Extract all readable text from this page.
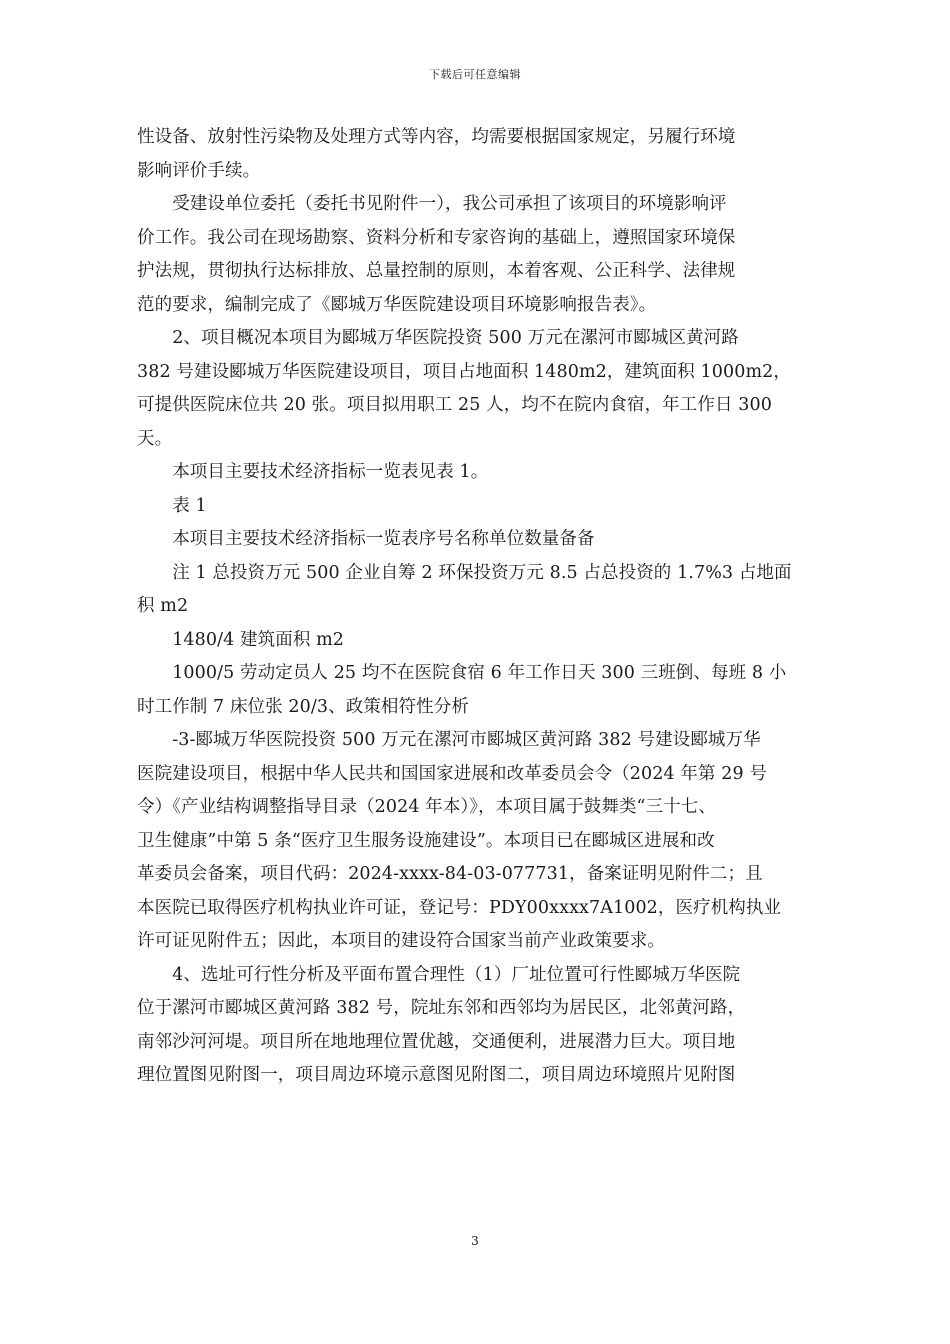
下载后可任意编辑
性设备、放射性污染物及处理方式等内容，均需要根据国家规定，另履行环境
影响评价手续。
　　受建设单位委托（委托书见附件一），我公司承担了该项目的环境影响评
价工作。我公司在现场勘察、资料分析和专家咨询的基础上，遵照国家环境保
护法规，贯彻执行达标排放、总量控制的原则，本着客观、公正科学、法律规
范的要求，编制完成了《郾城万华医院建设项目环境影响报告表》。
　　2、项目概况本项目为郾城万华医院投资 500 万元在漯河市郾城区黄河路
382 号建设郾城万华医院建设项目，项目占地面积 1480m2，建筑面积 1000m2，
可提供医院床位共 20 张。项目拟用职工 25 人，均不在院内食宿，年工作日 300
天。
　　本项目主要技术经济指标一览表见表 1。
　　表 1
　　本项目主要技术经济指标一览表序号名称单位数量备备
　　注 1 总投资万元 500 企业自筹 2 环保投资万元 8.5 占总投资的 1.7%3 占地面
积 m2
　　1480/4 建筑面积 m2
　　1000/5 劳动定员人 25 均不在医院食宿 6 年工作日天 300 三班倒、每班 8 小
时工作制 7 床位张 20/3、政策相符性分析
　　-3-郾城万华医院投资 500 万元在漯河市郾城区黄河路 382 号建设郾城万华
医院建设项目，根据中华人民共和国国家进展和改革委员会令（2024 年第 29 号
令）《产业结构调整指导目录（2024 年本）》，本项目属于鼓舞类“三十七、
卫生健康”中第 5 条“医疗卫生服务设施建设”。本项目已在郾城区进展和改
革委员会备案，项目代码：2024-xxxx-84-03-077731，备案证明见附件二；且
本医院已取得医疗机构执业许可证，登记号：PDY00xxxx7A1002，医疗机构执业
许可证见附件五；因此，本项目的建设符合国家当前产业政策要求。
　　4、选址可行性分析及平面布置合理性（1）厂址位置可行性郾城万华医院
位于漯河市郾城区黄河路 382 号，院址东邻和西邻均为居民区，北邻黄河路，
南邻沙河河堤。项目所在地地理位置优越，交通便利，进展潜力巨大。项目地
理位置图见附图一，项目周边环境示意图见附图二，项目周边环境照片见附图
3
